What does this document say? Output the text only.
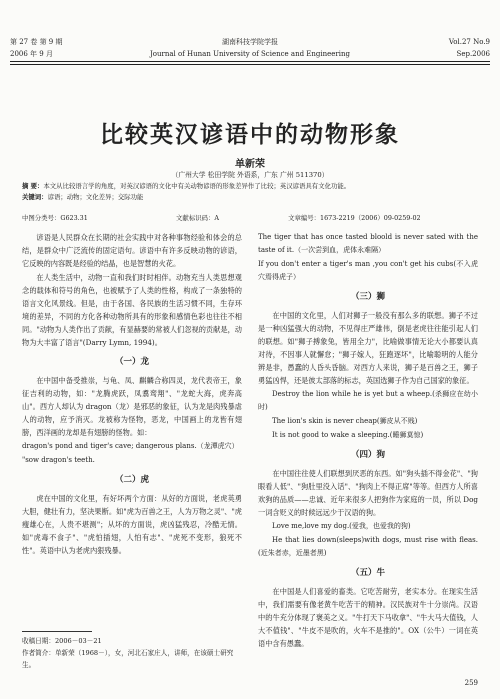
第 27 卷 第 9 期
2006 年 9 月
湖南科技学院学报
Journal of Hunan University of Science and Engineering
Vol.27 No.9
Sep.2006
比较英汉谚语中的动物形象
单新荣
（广州大学 松田学院 外语系，广东 广州 511370）
摘 要：本文从比较语言学的角度，对英汉谚语的文化中有关动物谚语的形象差异作了比较；英汉谚语具有文化功能。
关键词：谚语；动物；文化差异；交际功能
中图分类号：G623.31	文献标识码：A	文章编号：1673-2219（2006）09-0259-02

谚语是人民群众在长期的社会实践中对各种事物经验和体会的总结，是群众中广泛流传的固定语句。谚语中有许多反映动物的谚语，它反映的内容既是经验的结晶，也是智慧的火花。

在人类生活中，动物一直和我们时时相伴。动物充当人类思想观念的载体和符号的角色，也被赋予了人类的性格，构成了一条独特的语言文化风景线。但是，由于各国、各民族的生活习惯不同，生存环境的差异，不同的方化各种动物所具有的形象和感情色彩也往往不相同。"动物为人类作出了贡献，有显赫要的常被人们忽视的贡献是，动物为大丰富了语言"(Darry Lymn, 1994)。

（一）龙

在中国中备受推崇，与龟、凤、麒麟合称四灵，龙代表帝王，象征吉利的动物，如："龙腾虎跃，凤翥鸾翔"、"龙蛇大海，虎奔高山"。西方人却认为 dragon（龙）是邪恶的象征，认为龙是肉残暴虐人的动物，应予消灭。龙被称为怪物，恶龙，中国画上的龙皆有翅膀，西洋画的龙却是有翅膀的怪物。如：

dragon's pond and tiger's cave; dangerous plans.（龙潭虎穴）

"sow dragon's teeth.

（二）虎

虎在中国的文化里，有好坏两个方面：从好的方面说，老虎英勇大胆，健壮有力，坚决果断。如"虎为百兽之王，人为万物之灵"、"虎瘦雄心在，人贵不堪测"；从坏的方面说，虎凶猛残忍，冷酷无情。如"虎毒不食子"、"虎怕插翅，人怕有志"、"虎死不变形，狼死不性"。英语中认为老虎内狠残暴。

收稿日期：2006－03－21
作者简介：单新荣（1968－），女，河北石家庄人，讲师，在该硕士研究生。

The tiger that has once tasted bloold is never sated with the taste of it.（一次尝到血，虎体永难隔）

If you don't enter a tiger's man ,you con't get his cubs(不入虎穴焉得虎子）

（三）狮

在中国的文化里，人们对狮子一般没有那么多的联想。狮子不过是一种凶猛强大的动物，不见得庄严雄伟，倒是老虎往往能引起人们的联想。如"狮子搏象兔，皆用全力"，比喻做事情无论大小都要认真对待，不因事人就懈怠；"狮子嫁人，狂跑逐坏"，比喻聪明的人能分辨是非，愚蠢的人昏头昏脑。对西方人来说，狮子是百兽之王，狮子勇猛凶悍，还是彼太部落的标志，英国选狮子作为自己国家的象征。

Destroy the lion while he is yet but a wheep.(杀狮应在幼小时)

The lion's skin is never cheap(狮皮从不贱)

It is not good to wake a sleeping.(睡狮莫惊)

（四）狗

在中国往往使人们联想到厌恶的东西。如"狗头插不得金花"、"狗眼看人低"、"狗肚里没入话"、"狗肉上不得正席"等等。但西方人所喜欢狗的品质——忠诚、近年来很多人把狗作为家庭的一员，所以 Dog 一词含贬义的时候远远少于汉语的狗。

Love me,love my dog.(爱我，也爱我的狗)

He that lies down(sleeps)with dogs, must rise with fleas.(近朱者赤，近墨者黑)

（五）牛

在中国是人们喜爱的畜类。它吃苦耐劳，老实本分。在现实生活中，我们需要有像老黄牛吃苦干的精神。汉民族对牛十分崇尚。汉语中的牛充分体现了褒美之义。"牛打天下马收拿"、"牛大马大值钱，人大不值钱"、"牛皮不是吹的，火车不是推的"。OX（公牛）一词在英语中含有愚蠢。

259
